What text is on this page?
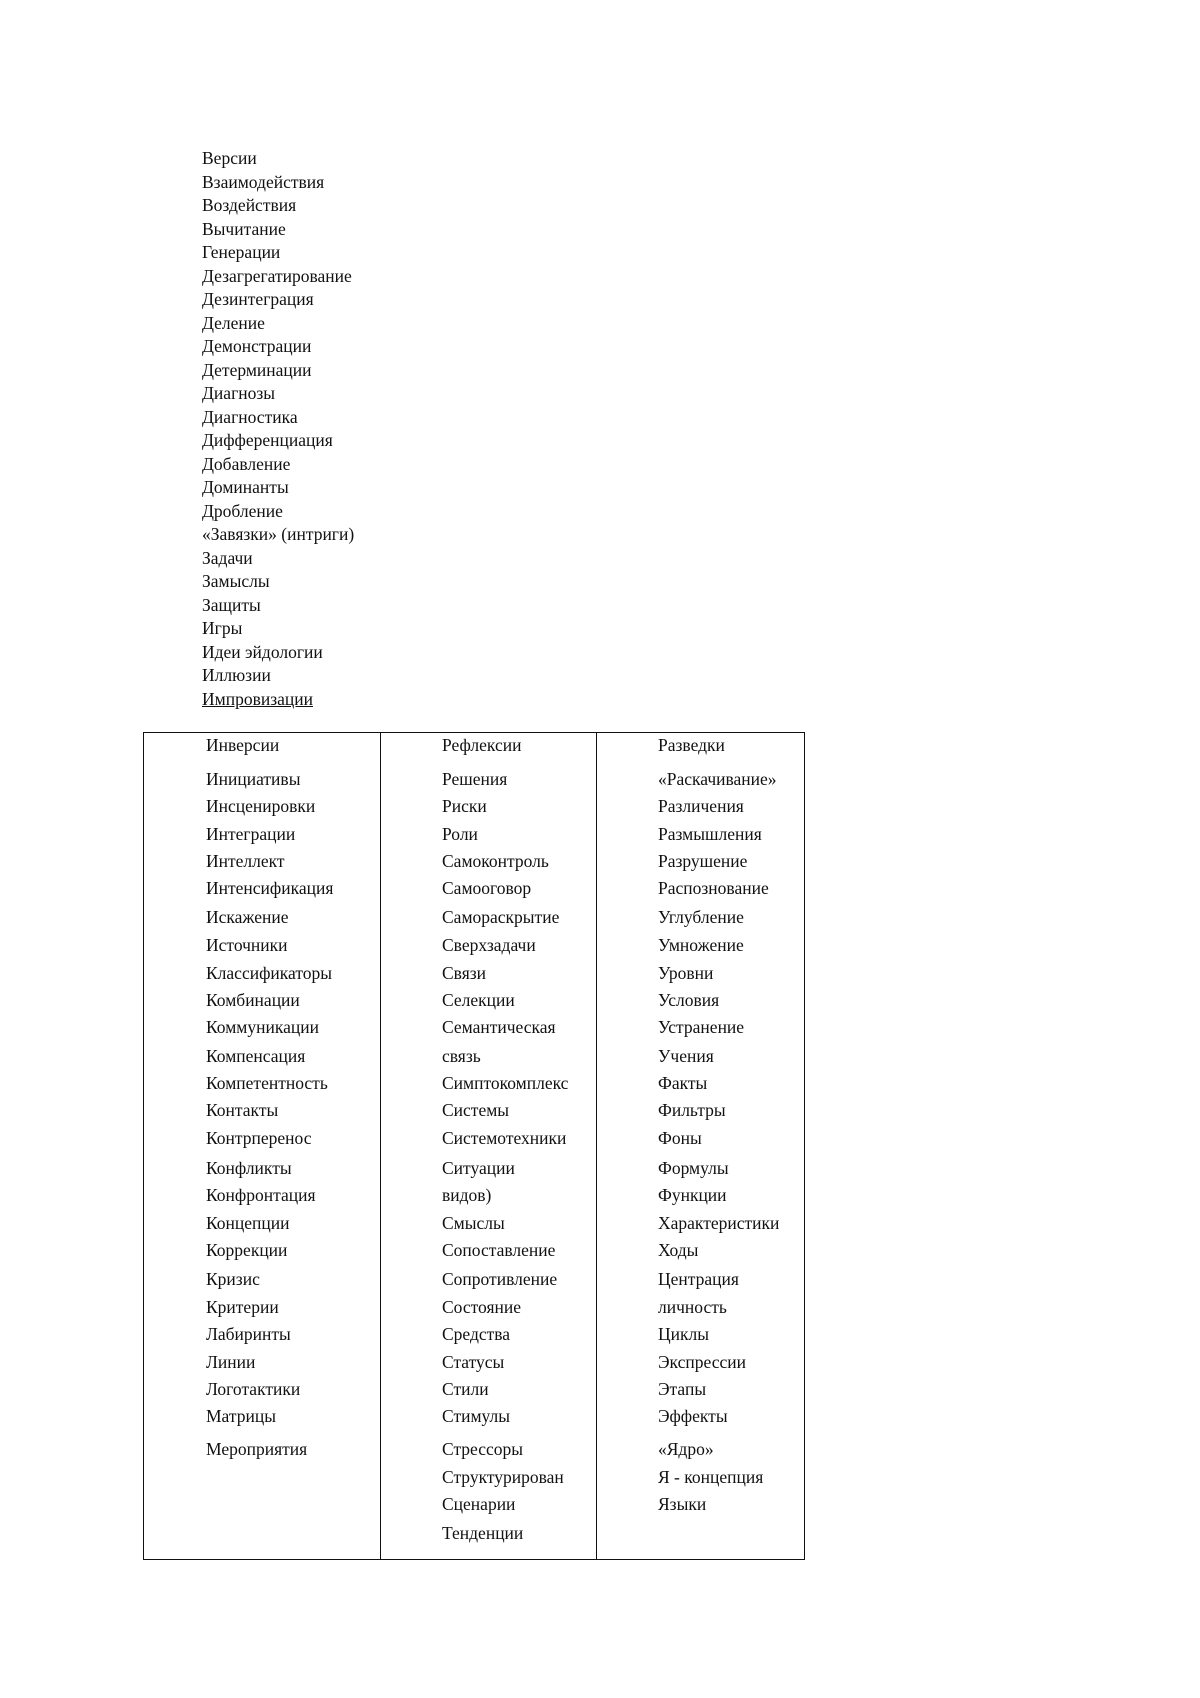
Версии
Взаимодействия
Воздействия
Вычитание
Генерации
Дезагрегатирование
Дезинтеграция
Деление
Демонстрации
Детерминации
Диагнозы
Диагностика
Дифференциация
Добавление
Доминанты
Дробление
«Завязки» (интриги)
Задачи
Замыслы
Защиты
Игры
Идеи эйдологии
Иллюзии
Импровизации
Инверсии
Инициативы
Инсценировки
Интеграции
Интеллект
Интенсификация
Искажение
Источники
Классификаторы
Комбинации
Коммуникации
Компенсация
Компетентность
Контакты
Контрперенос
Конфликты
Конфронтация
Концепции
Коррекции
Кризис
Критерии
Лабиринты
Линии
Логотактики
Матрицы
Мероприятия
Рефлексии
Решения
Риски
Роли
Самоконтроль
Самооговор
Самораскрытие
Сверхзадачи
Связи
Селекции
Семантическая
связь
Симптокомплекс
Системы
Системотехники
Ситуации
видов)
Смыслы
Сопоставление
Сопротивление
Состояние
Средства
Статусы
Стили
Стимулы
Стрессоры
Структурирован
Сценарии
Тенденции
Разведки
«Раскачивание»
Различения
Размышления
Разрушение
Распознование
Углубление
Умножение
Уровни
Условия
Устранение
Учения
Факты
Фильтры
Фоны
Формулы
Функции
Характеристики
Ходы
Центрация
личность
Циклы
Экспрессии
Этапы
Эффекты
«Ядро»
Я - концепция
Языки
